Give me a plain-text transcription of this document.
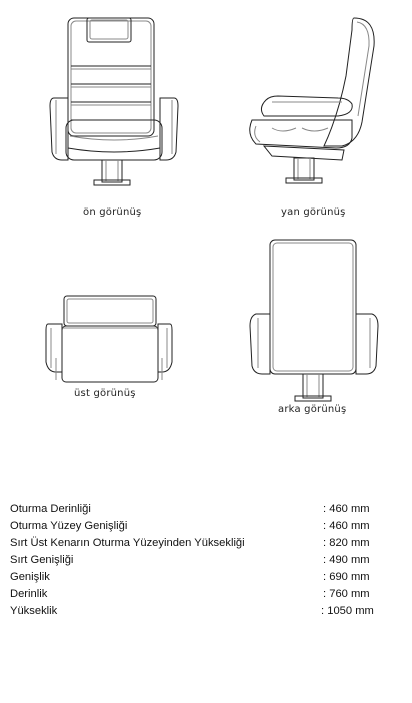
ön görünüş	yan görünüş
üst görünüş
arka görünüş
Oturma Derinliği	: 460 mm
Oturma Yüzey Genişliği	: 460 mm
Sırt Üst Kenarın Oturma Yüzeyinden Yüksekliği	: 820 mm
Sırt Genişliği	: 490 mm
Genişlik	: 690 mm
Derinlik	: 760 mm
Yükseklik	: 1050 mm
